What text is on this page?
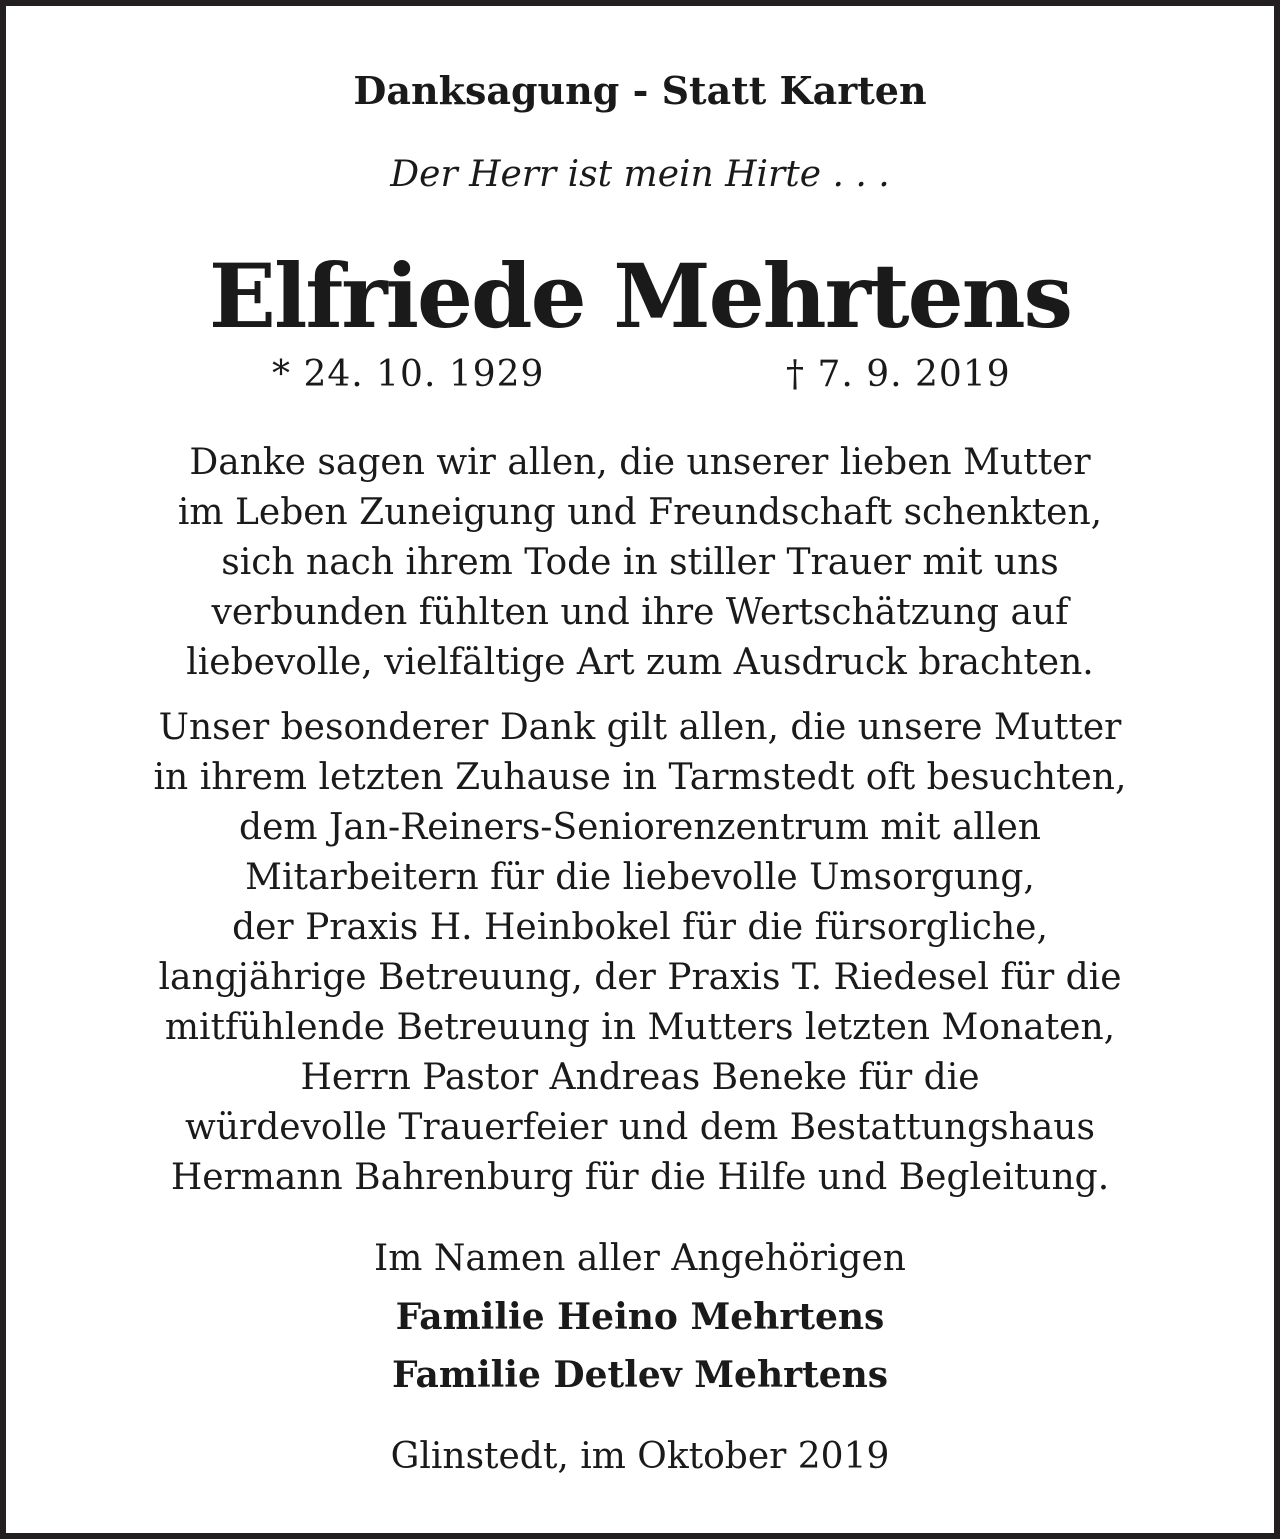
Danksagung - Statt Karten
Der Herr ist mein Hirte . . .
Elfriede Mehrtens
* 24. 10. 1929	† 7. 9. 2019
Danke sagen wir allen, die unserer lieben Mutter
im Leben Zuneigung und Freundschaft schenkten,
sich nach ihrem Tode in stiller Trauer mit uns
verbunden fühlten und ihre Wertschätzung auf
liebevolle, vielfältige Art zum Ausdruck brachten.
Unser besonderer Dank gilt allen, die unsere Mutter
in ihrem letzten Zuhause in Tarmstedt oft besuchten,
dem Jan-Reiners-Seniorenzentrum mit allen
Mitarbeitern für die liebevolle Umsorgung,
der Praxis H. Heinbokel für die fürsorgliche,
langjährige Betreuung, der Praxis T. Riedesel für die
mitfühlende Betreuung in Mutters letzten Monaten,
Herrn Pastor Andreas Beneke für die
würdevolle Trauerfeier und dem Bestattungshaus
Hermann Bahrenburg für die Hilfe und Begleitung.
Im Namen aller Angehörigen
Familie Heino Mehrtens
Familie Detlev Mehrtens
Glinstedt, im Oktober 2019
